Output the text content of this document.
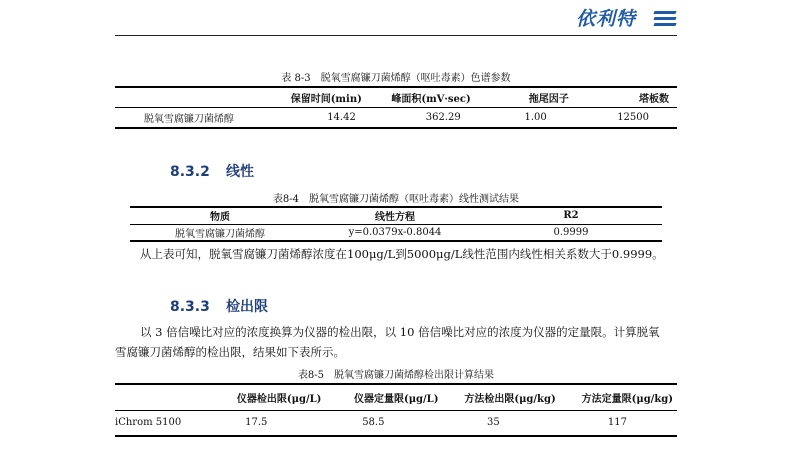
依利特
表 8-3　脱氧雪腐镰刀菌烯醇（呕吐毒素）色谱参数
	保留时间(min)	峰面积(mV·sec)	拖尾因子	塔板数
脱氧雪腐镰刀菌烯醇	14.42	362.29	1.00	12500
8.3.2 线性
表8-4　脱氧雪腐镰刀菌烯醇（呕吐毒素）线性测试结果
物质	线性方程	R2
脱氧雪腐镰刀菌烯醇	y=0.0379x-0.8044	0.9999
从上表可知，脱氧雪腐镰刀菌烯醇浓度在100μg/L到5000μg/L线性范围内线性相关系数大于0.9999。
8.3.3 检出限
以 3 倍信噪比对应的浓度换算为仪器的检出限，以 10 倍信噪比对应的浓度为仪器的定量限。计算脱氧
雪腐镰刀菌烯醇的检出限，结果如下表所示。
表8-5　脱氧雪腐镰刀菌烯醇检出限计算结果
	仪器检出限(μg/L)	仪器定量限(μg/L)	方法检出限(μg/kg)	方法定量限(μg/kg)
iChrom 5100	17.5	58.5	35	117
